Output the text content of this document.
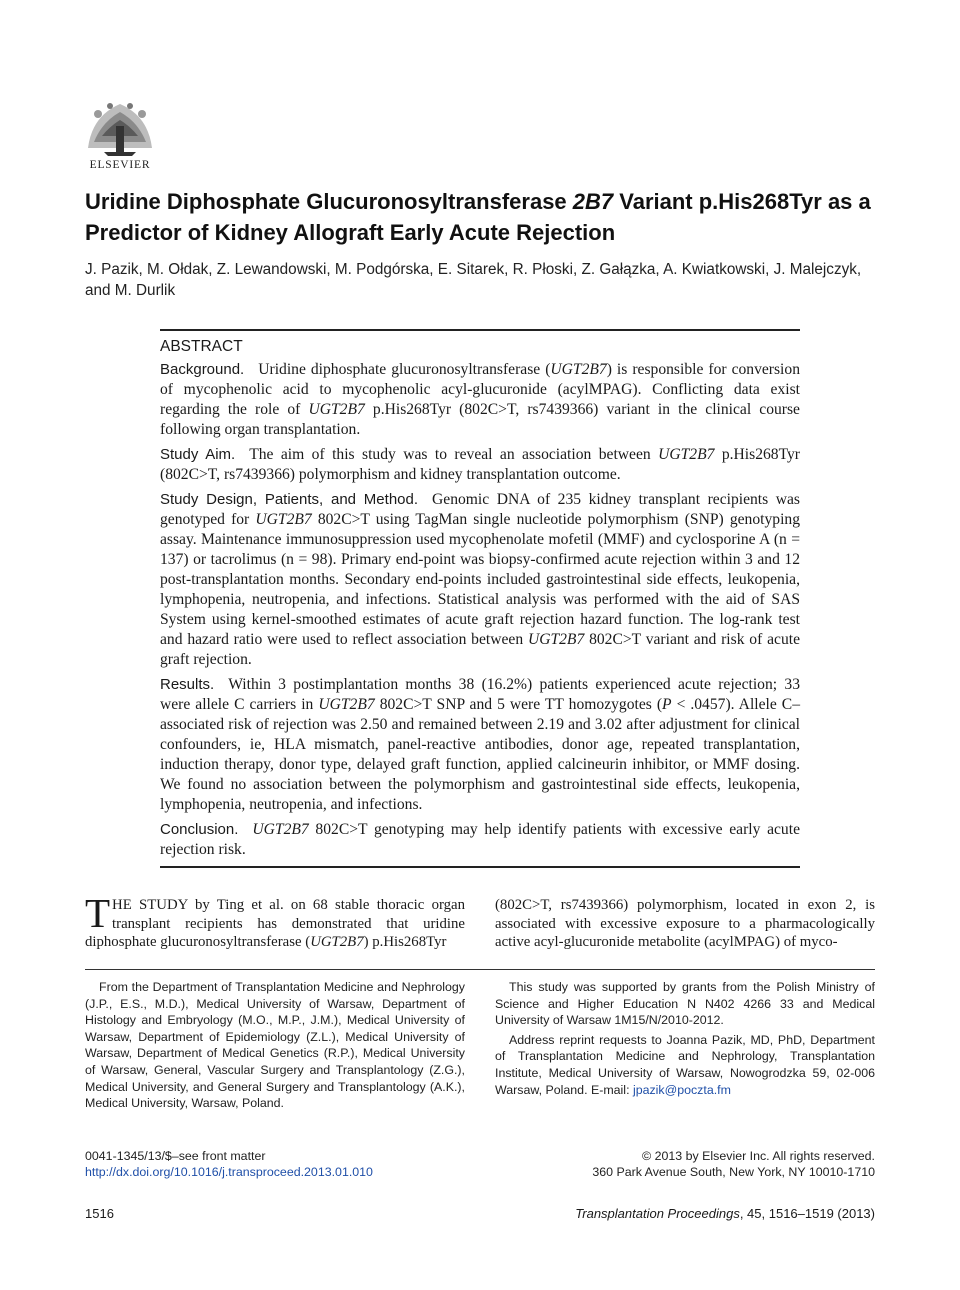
ELSEVIER
Uridine Diphosphate Glucuronosyltransferase 2B7 Variant p.His268Tyr as a Predictor of Kidney Allograft Early Acute Rejection

J. Pazik, M. Ołdak, Z. Lewandowski, M. Podgórska, E. Sitarek, R. Płoski, Z. Gałązka, A. Kwiatkowski, J. Malejczyk, and M. Durlik

ABSTRACT

Background. Uridine diphosphate glucuronosyltransferase (UGT2B7) is responsible for conversion of mycophenolic acid to mycophenolic acyl-glucuronide (acylMPAG). Conflicting data exist regarding the role of UGT2B7 p.His268Tyr (802C>T, rs7439366) variant in the clinical course following organ transplantation.

Study Aim. The aim of this study was to reveal an association between UGT2B7 p.His268Tyr (802C>T, rs7439366) polymorphism and kidney transplantation outcome.

Study Design, Patients, and Method. Genomic DNA of 235 kidney transplant recipients was genotyped for UGT2B7 802C>T using TagMan single nucleotide polymorphism (SNP) genotyping assay. Maintenance immunosuppression used mycophenolate mofetil (MMF) and cyclosporine A (n = 137) or tacrolimus (n = 98). Primary end-point was biopsy-confirmed acute rejection within 3 and 12 post-transplantation months. Secondary end-points included gastrointestinal side effects, leukopenia, lymphopenia, neutropenia, and infections. Statistical analysis was performed with the aid of SAS System using kernel-smoothed estimates of acute graft rejection hazard function. The log-rank test and hazard ratio were used to reflect association between UGT2B7 802C>T variant and risk of acute graft rejection.

Results. Within 3 postimplantation months 38 (16.2%) patients experienced acute rejection; 33 were allele C carriers in UGT2B7 802C>T SNP and 5 were TT homozygotes (P < .0457). Allele C–associated risk of rejection was 2.50 and remained between 2.19 and 3.02 after adjustment for clinical confounders, ie, HLA mismatch, panel-reactive antibodies, donor age, repeated transplantation, induction therapy, donor type, delayed graft function, applied calcineurin inhibitor, or MMF dosing. We found no association between the polymorphism and gastrointestinal side effects, leukopenia, lymphopenia, neutropenia, and infections.

Conclusion. UGT2B7 802C>T genotyping may help identify patients with excessive early acute rejection risk.

THE STUDY by Ting et al. on 68 stable thoracic organ transplant recipients has demonstrated that uridine diphosphate glucuronosyltransferase (UGT2B7) p.His268Tyr

(802C>T, rs7439366) polymorphism, located in exon 2, is associated with excessive exposure to a pharmacologically active acyl-glucuronide metabolite (acylMPAG) of myco-

From the Department of Transplantation Medicine and Nephrology (J.P., E.S., M.D.), Medical University of Warsaw, Department of Histology and Embryology (M.O., M.P., J.M.), Medical University of Warsaw, Department of Epidemiology (Z.L.), Medical University of Warsaw, Department of Medical Genetics (R.P.), Medical University of Warsaw, General, Vascular Surgery and Transplantology (Z.G.), Medical University, and General Surgery and Transplantology (A.K.), Medical University, Warsaw, Poland.

This study was supported by grants from the Polish Ministry of Science and Higher Education N N402 4266 33 and Medical University of Warsaw 1M15/N/2010-2012.

Address reprint requests to Joanna Pazik, MD, PhD, Department of Transplantation Medicine and Nephrology, Transplantation Institute, Medical University of Warsaw, Nowogrodzka 59, 02-006 Warsaw, Poland. E-mail: jpazik@poczta.fm

0041-1345/13/$–see front matter
http://dx.doi.org/10.1016/j.transproceed.2013.01.010
© 2013 by Elsevier Inc. All rights reserved.
360 Park Avenue South, New York, NY 10010-1710
1516	Transplantation Proceedings, 45, 1516–1519 (2013)
